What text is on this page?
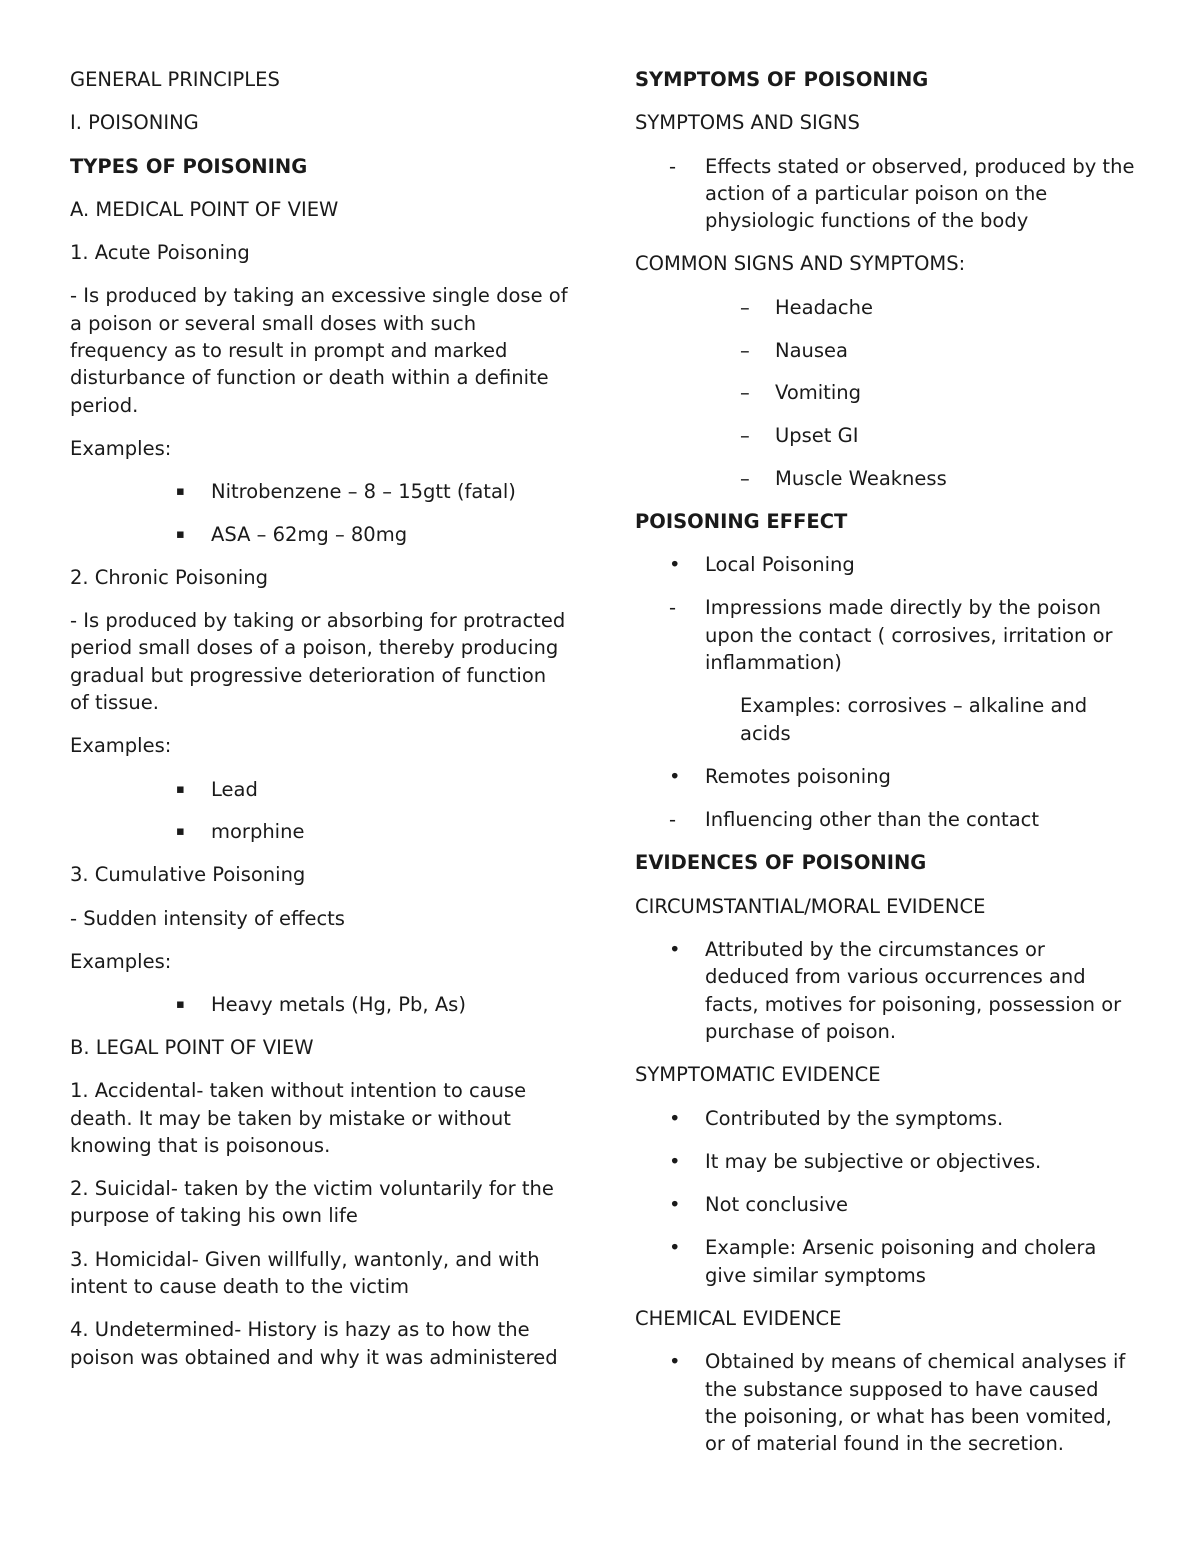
GENERAL PRINCIPLES

I. POISONING

TYPES OF POISONING

A. MEDICAL POINT OF VIEW

1. Acute Poisoning

- Is produced by taking an excessive single dose of a poison or several small doses with such frequency as to result in prompt and marked disturbance of function or death within a definite period.

Examples:

▪ Nitrobenzene – 8 – 15gtt (fatal)
▪ ASA – 62mg – 80mg

2. Chronic Poisoning

- Is produced by taking or absorbing for protracted period small doses of a poison, thereby producing gradual but progressive deterioration of function of tissue.

Examples:

▪ Lead
▪ morphine

3. Cumulative Poisoning

- Sudden intensity of effects

Examples:

▪ Heavy metals (Hg, Pb, As)

B. LEGAL POINT OF VIEW

1. Accidental- taken without intention to cause death. It may be taken by mistake or without knowing that is poisonous.

2. Suicidal- taken by the victim voluntarily for the purpose of taking his own life

3. Homicidal- Given willfully, wantonly, and with intent to cause death to the victim

4. Undetermined- History is hazy as to how the poison was obtained and why it was administered

SYMPTOMS OF POISONING

SYMPTOMS AND SIGNS

- Effects stated or observed, produced by the action of a particular poison on the physiologic functions of the body

COMMON SIGNS AND SYMPTOMS:

– Headache
– Nausea
– Vomiting
– Upset GI
– Muscle Weakness

POISONING EFFECT

• Local Poisoning
- Impressions made directly by the poison upon the contact ( corrosives, irritation or inflammation)

Examples: corrosives – alkaline and acids

• Remotes poisoning
- Influencing other than the contact

EVIDENCES OF POISONING

CIRCUMSTANTIAL/MORAL EVIDENCE

• Attributed by the circumstances or deduced from various occurrences and facts, motives for poisoning, possession or purchase of poison.

SYMPTOMATIC EVIDENCE

• Contributed by the symptoms.
• It may be subjective or objectives.
• Not conclusive
• Example: Arsenic poisoning and cholera give similar symptoms

CHEMICAL EVIDENCE

• Obtained by means of chemical analyses if the substance supposed to have caused the poisoning, or what has been vomited, or of material found in the secretion.
